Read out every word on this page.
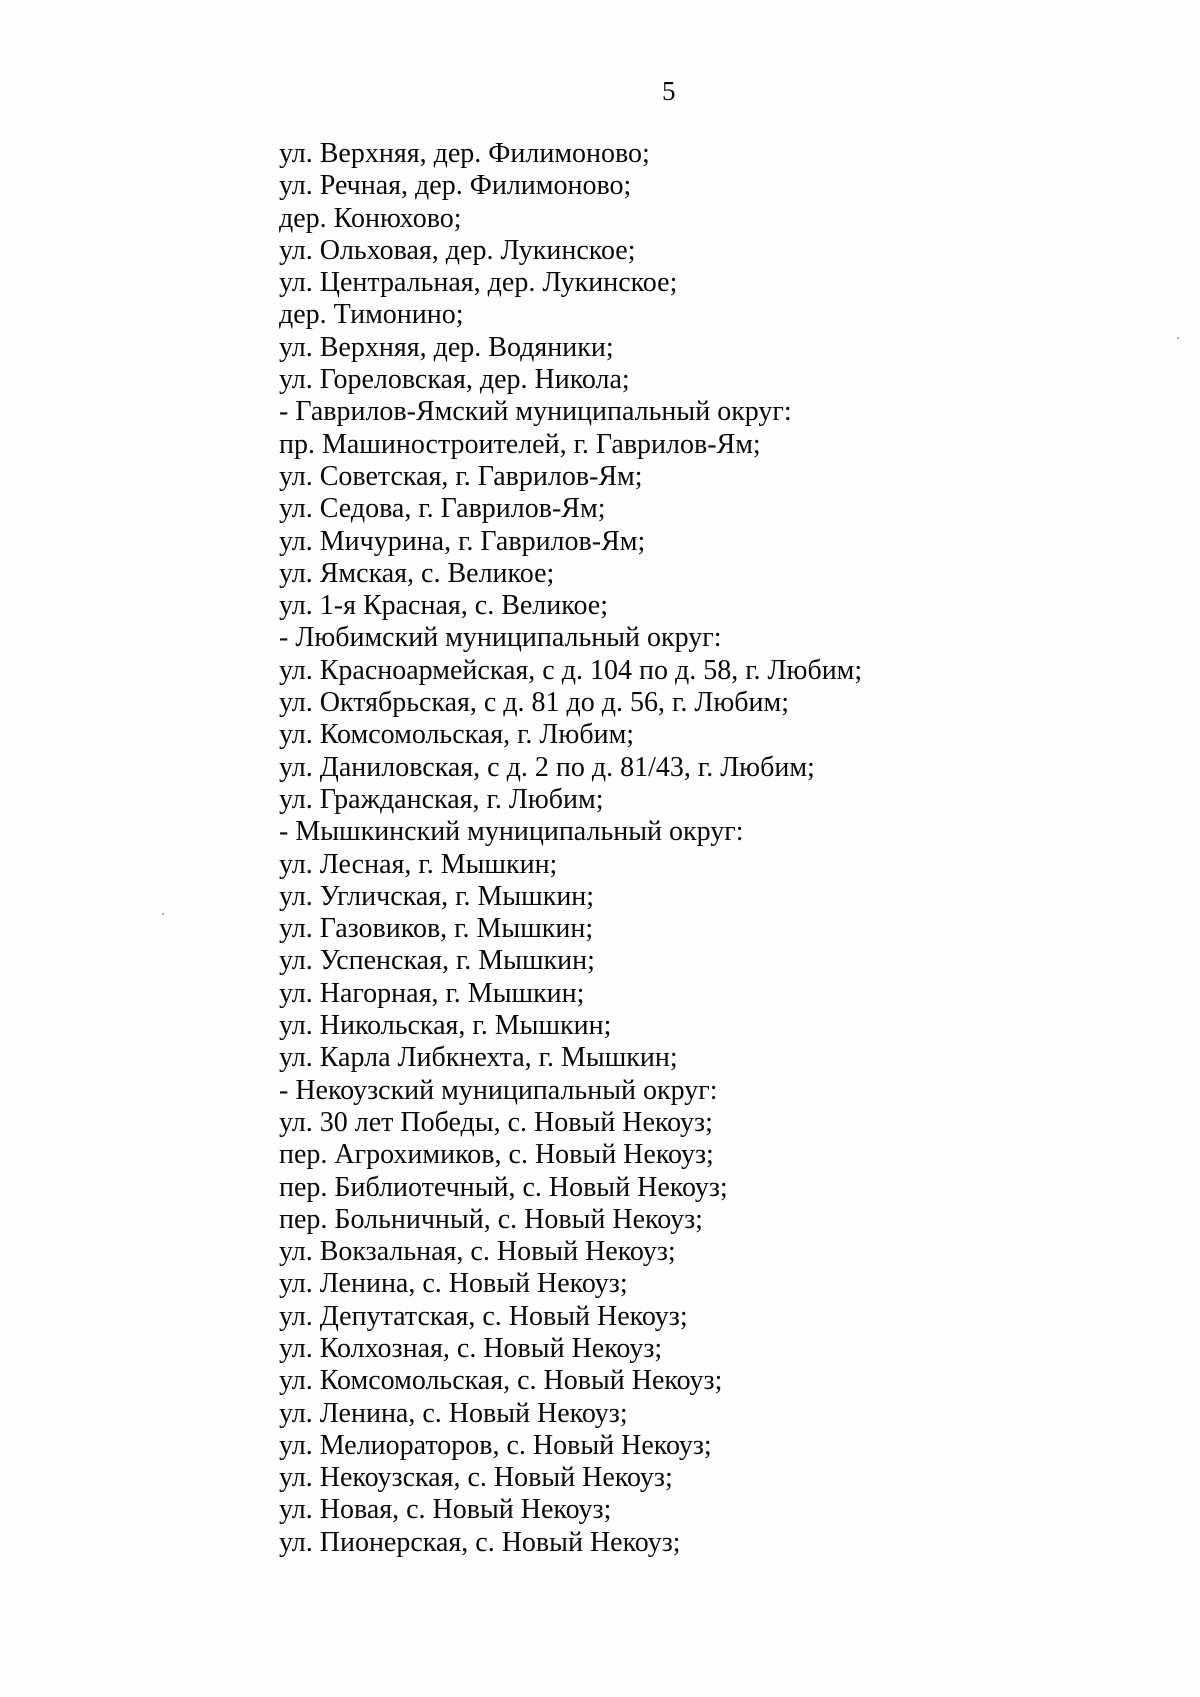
5

ул. Верхняя, дер. Филимоново;
ул. Речная, дер. Филимоново;
дер. Конюхово;
ул. Ольховая, дер. Лукинское;
ул. Центральная, дер. Лукинское;
дер. Тимонино;
ул. Верхняя, дер. Водяники;
ул. Гореловская, дер. Никола;
- Гаврилов-Ямский муниципальный округ:
пр. Машиностроителей, г. Гаврилов-Ям;
ул. Советская, г. Гаврилов-Ям;
ул. Седова, г. Гаврилов-Ям;
ул. Мичурина, г. Гаврилов-Ям;
ул. Ямская, с. Великое;
ул. 1-я Красная, с. Великое;
- Любимский муниципальный округ:
ул. Красноармейская, с д. 104 по д. 58, г. Любим;
ул. Октябрьская, с д. 81 до д. 56, г. Любим;
ул. Комсомольская, г. Любим;
ул. Даниловская, с д. 2 по д. 81/43, г. Любим;
ул. Гражданская, г. Любим;
- Мышкинский муниципальный округ:
ул. Лесная, г. Мышкин;
ул. Угличская, г. Мышкин;
ул. Газовиков, г. Мышкин;
ул. Успенская, г. Мышкин;
ул. Нагорная, г. Мышкин;
ул. Никольская, г. Мышкин;
ул. Карла Либкнехта, г. Мышкин;
- Некоузский муниципальный округ:
ул. 30 лет Победы, с. Новый Некоуз;
пер. Агрохимиков, с. Новый Некоуз;
пер. Библиотечный, с. Новый Некоуз;
пер. Больничный, с. Новый Некоуз;
ул. Вокзальная, с. Новый Некоуз;
ул. Ленина, с. Новый Некоуз;
ул. Депутатская, с. Новый Некоуз;
ул. Колхозная, с. Новый Некоуз;
ул. Комсомольская, с. Новый Некоуз;
ул. Ленина, с. Новый Некоуз;
ул. Мелиораторов, с. Новый Некоуз;
ул. Некоузская, с. Новый Некоуз;
ул. Новая, с. Новый Некоуз;
ул. Пионерская, с. Новый Некоуз;
